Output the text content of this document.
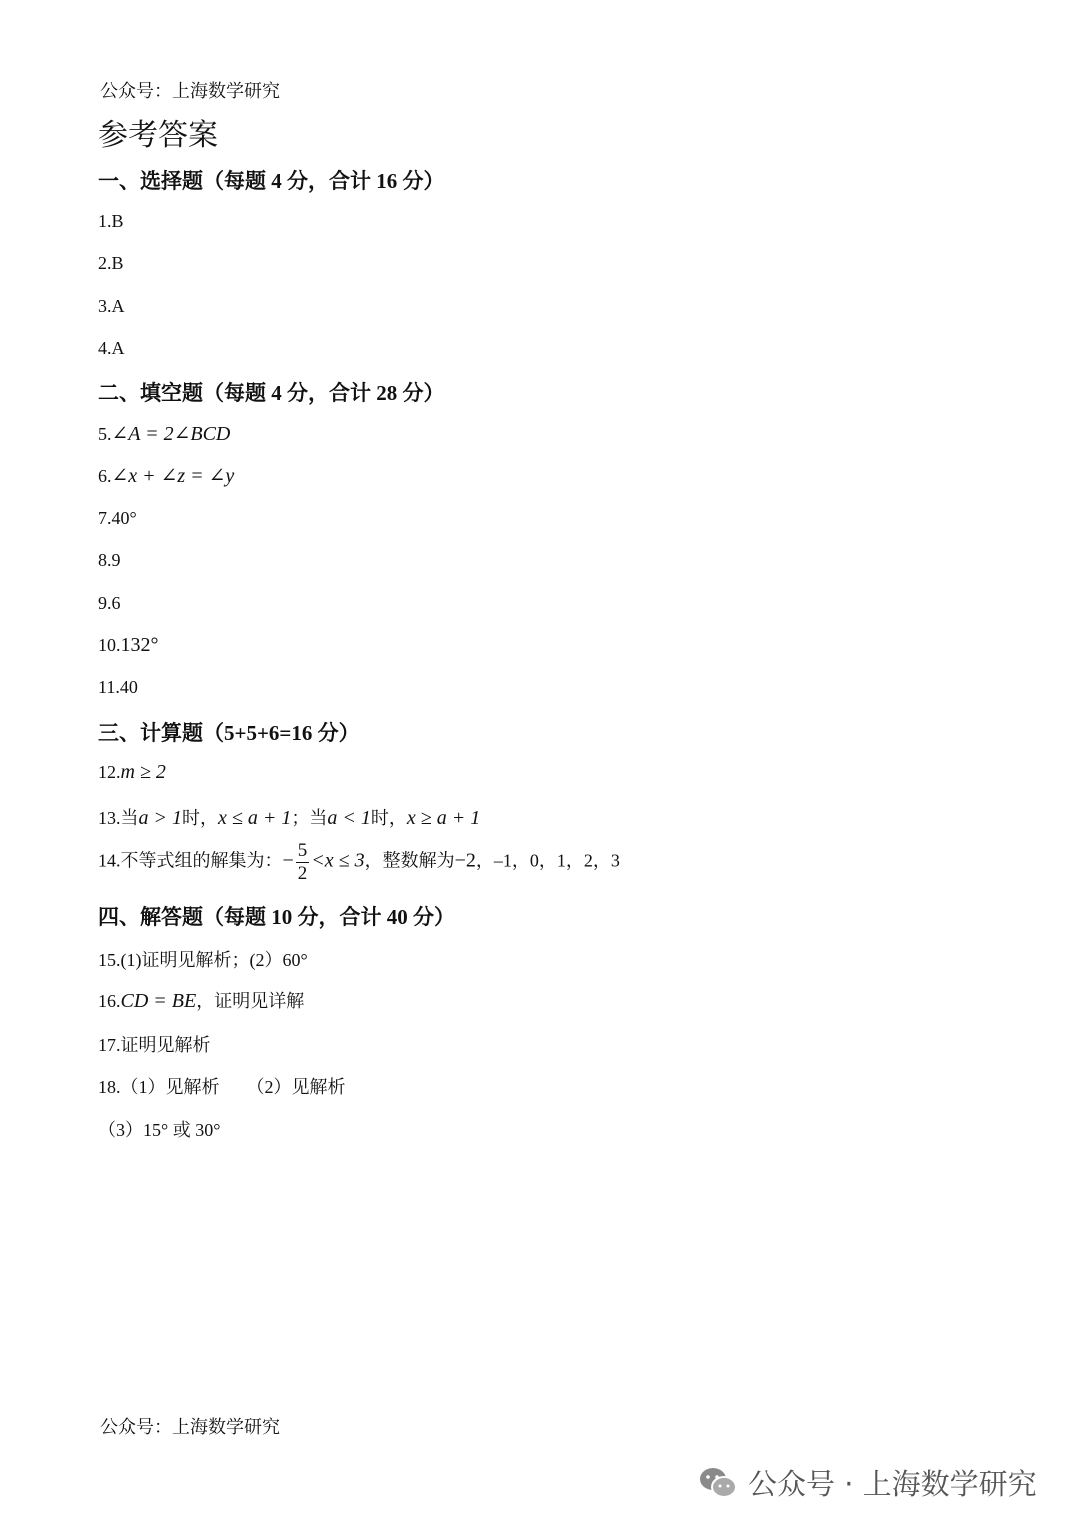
公众号：上海数学研究
参考答案
一、选择题（每题 4 分，合计 16 分）
1.B
2.B
3.A
4.A
二、填空题（每题 4 分，合计 28 分）
5.∠A = 2∠BCD
6.∠x + ∠z = ∠y
7.40°
8.9
9.6
10.132°
11.40
三、计算题（5+5+6=16 分）
12.m ≥ 2
13.当a > 1时，x ≤ a + 1；当a < 1时，x ≥ a + 1
14.不等式组的解集为：− $\frac{5}{2} <x \le 3$，整数解为−2，–1，0，1，2，3
四、解答题（每题 10 分，合计 40 分）
15.(1)证明见解析；(2）60°
16.CD = BE，证明见详解
17.证明见解析
18.（1）见解析　　（2）见解析
（3）15° 或 30°
公众号：上海数学研究
公众号 · 上海数学研究
